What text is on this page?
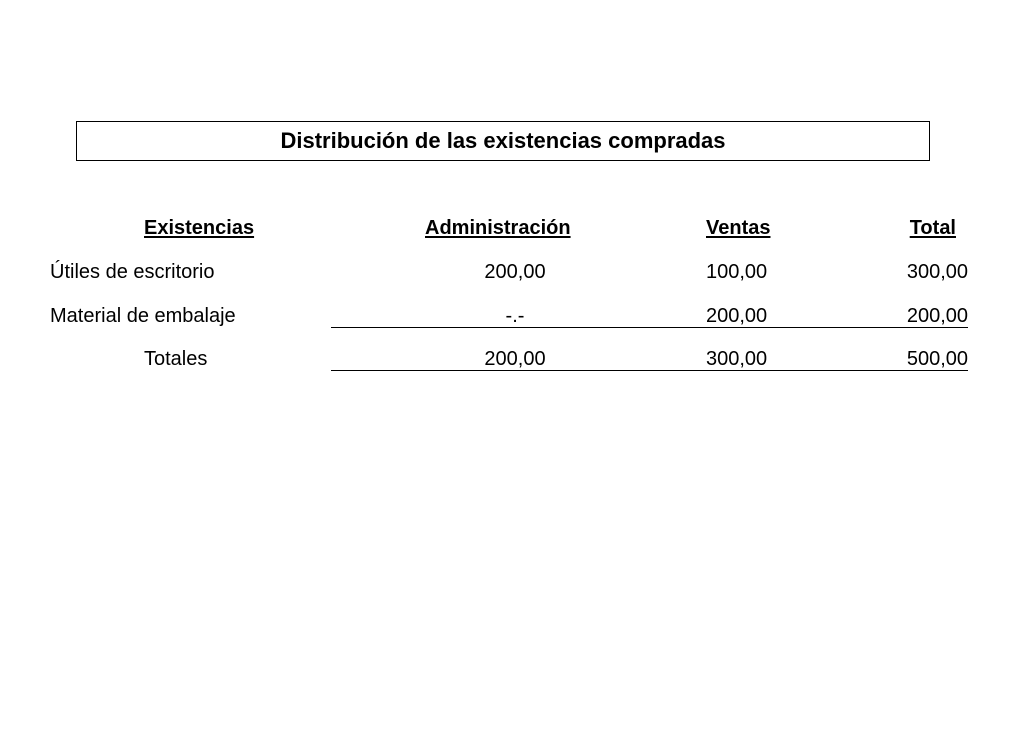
Distribución de las existencias compradas
Existencias	Administración	Ventas	Total
Útiles de escritorio	200,00	100,00	300,00
Material de embalaje	-.-	200,00	200,00
Totales	200,00	300,00	500,00
